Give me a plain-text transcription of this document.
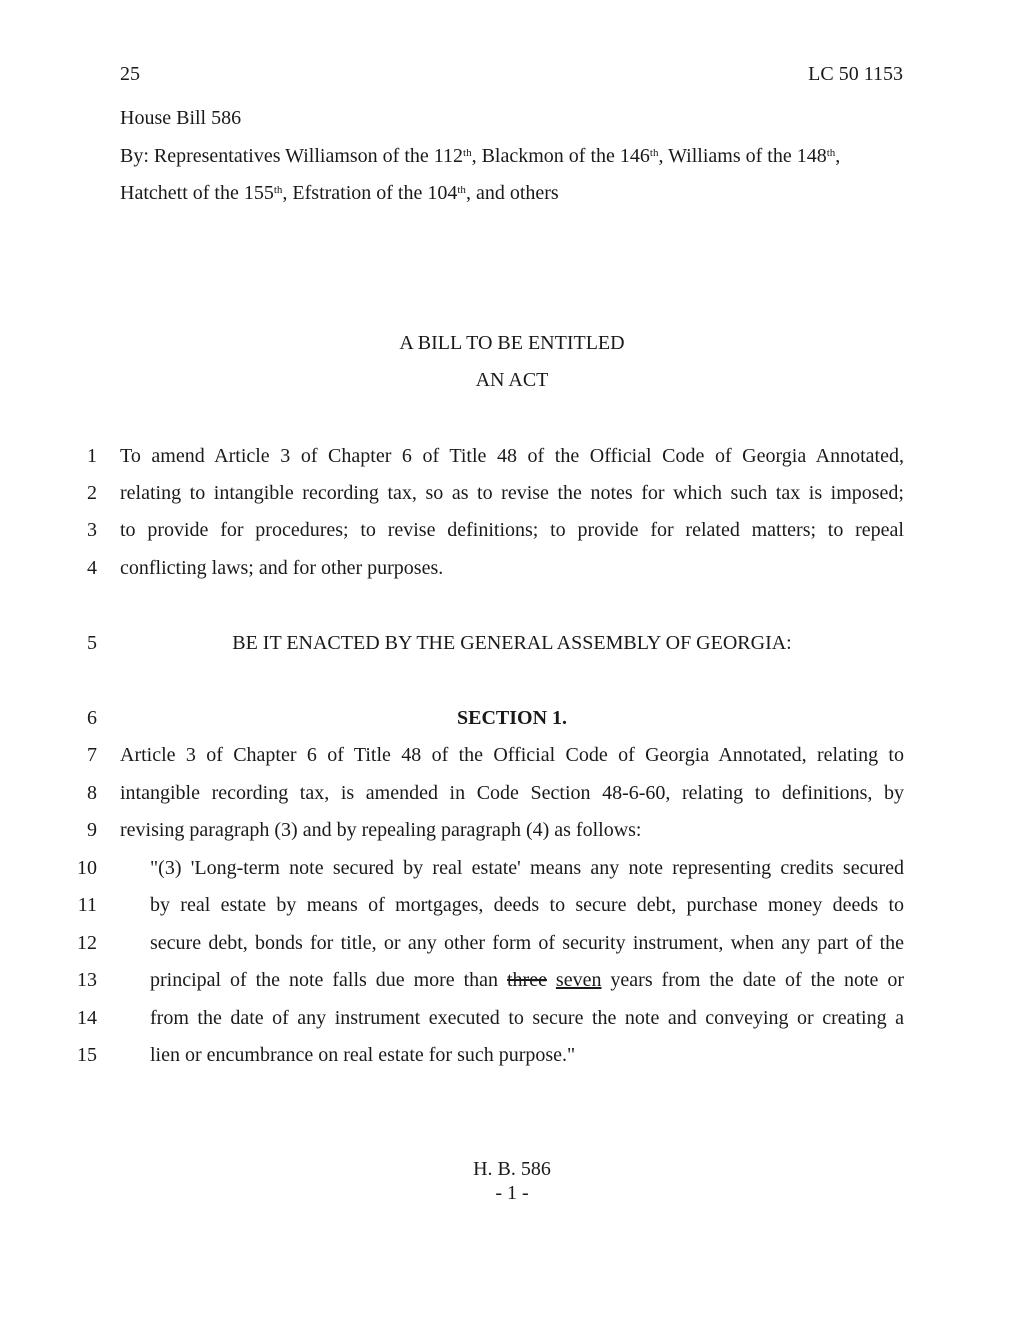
25	LC 50 1153
House Bill 586
By: Representatives Williamson of the 112th, Blackmon of the 146th, Williams of the 148th,
Hatchett of the 155th, Efstration of the 104th, and others
A BILL TO BE ENTITLED
AN ACT
1 To amend Article 3 of Chapter 6 of Title 48 of the Official Code of Georgia Annotated,
2 relating to intangible recording tax, so as to revise the notes for which such tax is imposed;
3 to provide for procedures; to revise definitions; to provide for related matters; to repeal
4 conflicting laws; and for other purposes.
5	BE IT ENACTED BY THE GENERAL ASSEMBLY OF GEORGIA:
6	SECTION 1.
7 Article 3 of Chapter 6 of Title 48 of the Official Code of Georgia Annotated, relating to
8 intangible recording tax, is amended in Code Section 48-6-60, relating to definitions, by
9 revising paragraph (3) and by repealing paragraph (4) as follows:
10	"(3) 'Long-term note secured by real estate' means any note representing credits secured
11	by real estate by means of mortgages, deeds to secure debt, purchase money deeds to
12	secure debt, bonds for title, or any other form of security instrument, when any part of the
13	principal of the note falls due more than three seven years from the date of the note or
14	from the date of any instrument executed to secure the note and conveying or creating a
15	lien or encumbrance on real estate for such purpose."
H. B. 586
- 1 -
